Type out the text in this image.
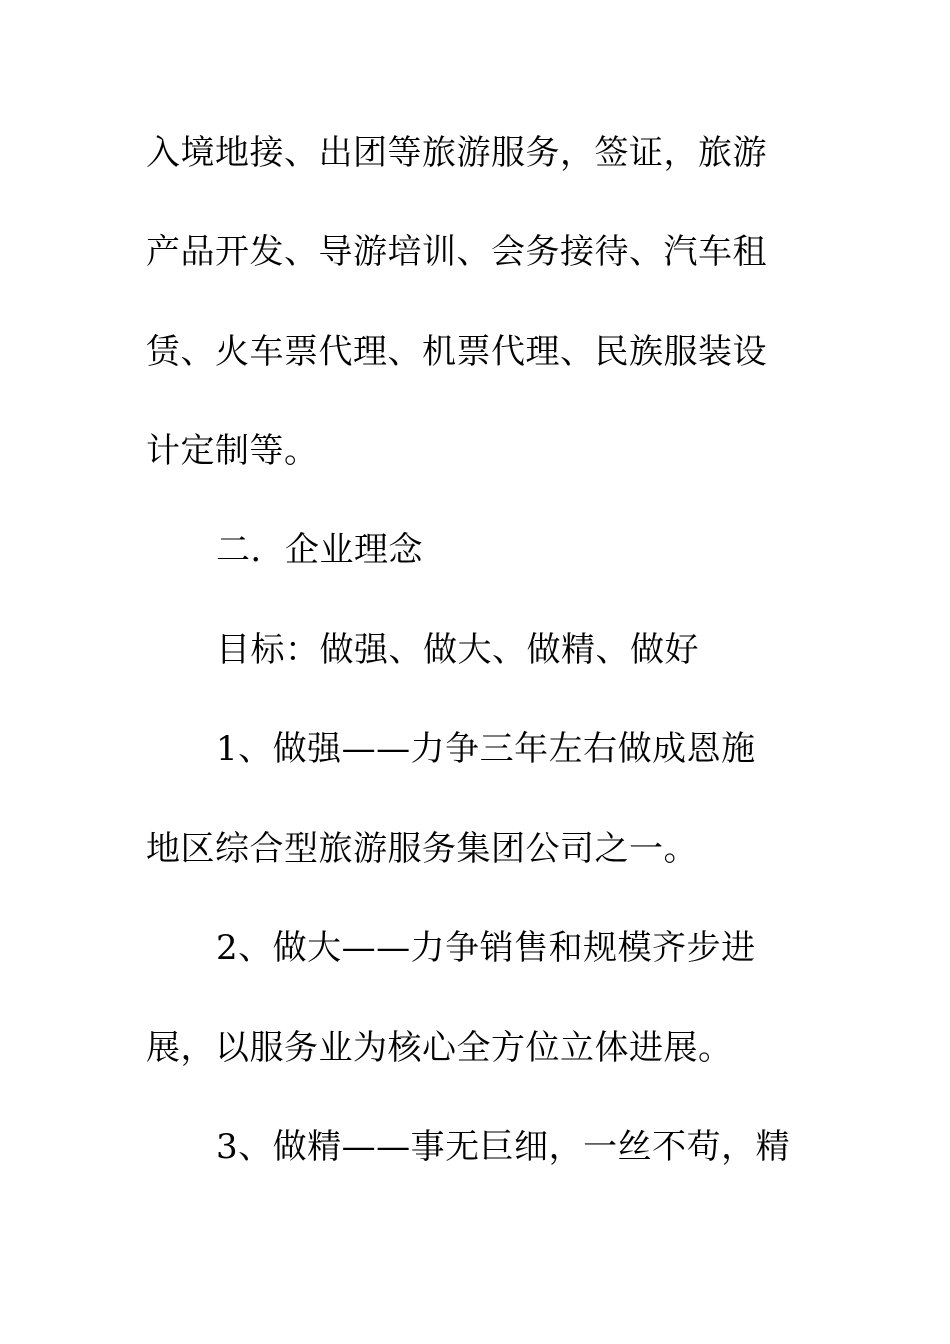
入境地接、出团等旅游服务，签证，旅游
产品开发、导游培训、会务接待、汽车租
赁、火车票代理、机票代理、民族服装设
计定制等。
二．企业理念
目标：做强、做大、做精、做好
1、做强——力争三年左右做成恩施
地区综合型旅游服务集团公司之一。
2、做大——力争销售和规模齐步进
展，以服务业为核心全方位立体进展。
3、做精——事无巨细，一丝不苟，精
